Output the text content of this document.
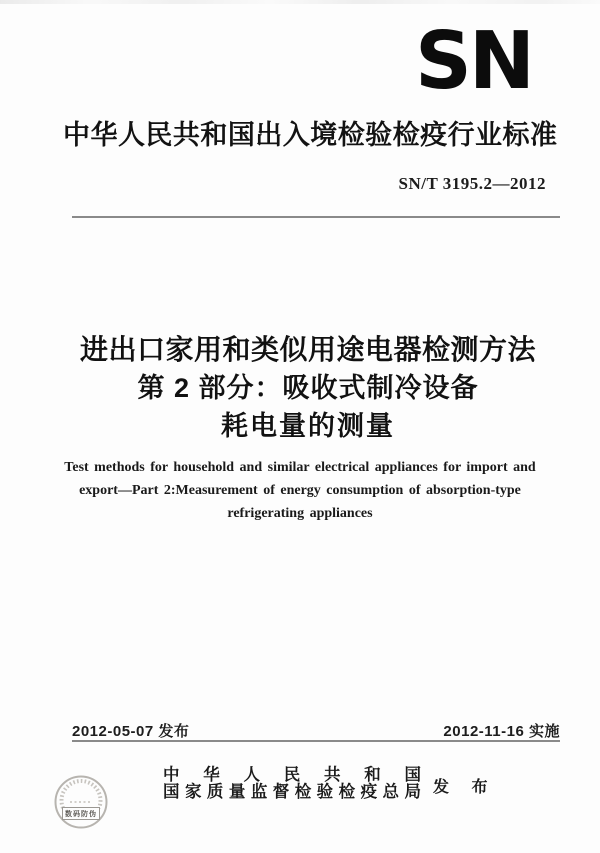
SN
中华人民共和国出入境检验检疫行业标准
SN/T 3195.2—2012
进出口家用和类似用途电器检测方法
第 2 部分：吸收式制冷设备
耗电量的测量
Test methods for household and similar electrical appliances for import and
export—Part 2:Measurement of energy consumption of absorption-type
refrigerating appliances
2012-05-07 发布	2012-11-16 实施
数码防伪
中 华 人 民 共 和 国
国家质量监督检验检疫总局 发 布
